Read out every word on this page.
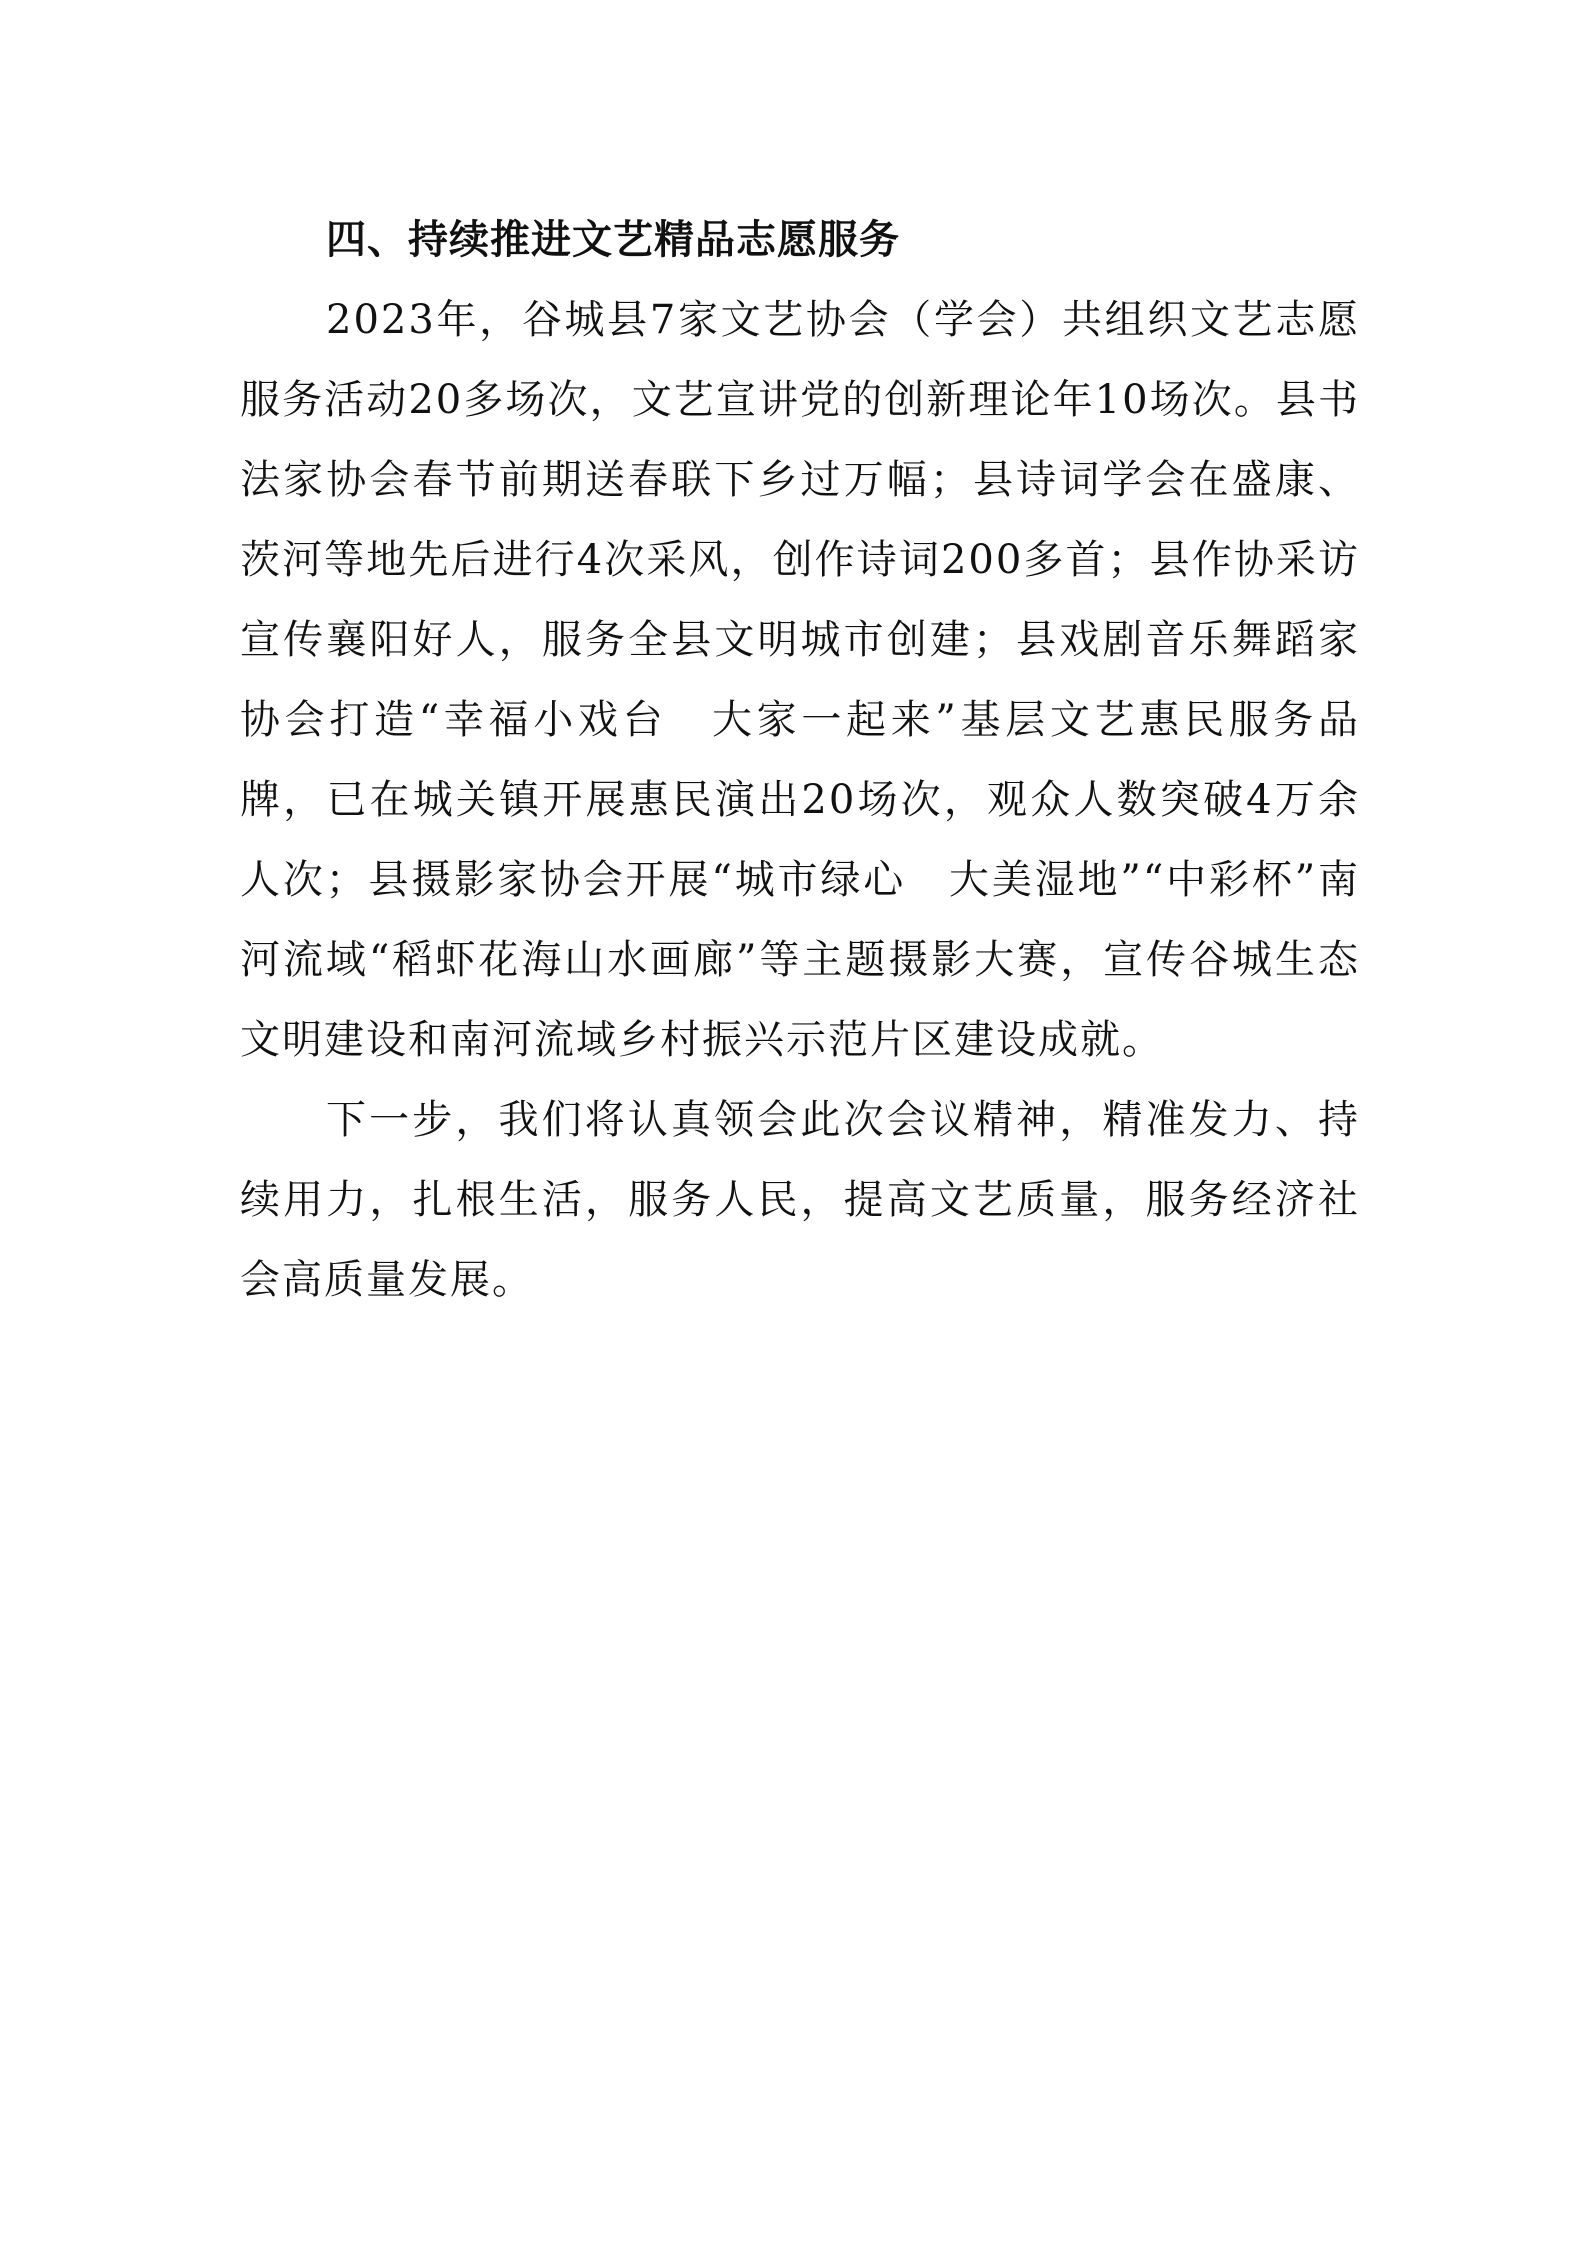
四、持续推进文艺精品志愿服务

2023年，谷城县7家文艺协会（学会）共组织文艺志愿服务活动20多场次，文艺宣讲党的创新理论年10场次。县书法家协会春节前期送春联下乡过万幅；县诗词学会在盛康、茨河等地先后进行4次采风，创作诗词200多首；县作协采访宣传襄阳好人，服务全县文明城市创建；县戏剧音乐舞蹈家协会打造“幸福小戏台　大家一起来”基层文艺惠民服务品牌，已在城关镇开展惠民演出20场次，观众人数突破4万余人次；县摄影家协会开展“城市绿心　大美湿地”“中彩杯”南河流域“稻虾花海山水画廊”等主题摄影大赛，宣传谷城生态文明建设和南河流域乡村振兴示范片区建设成就。

下一步，我们将认真领会此次会议精神，精准发力、持续用力，扎根生活，服务人民，提高文艺质量，服务经济社会高质量发展。
